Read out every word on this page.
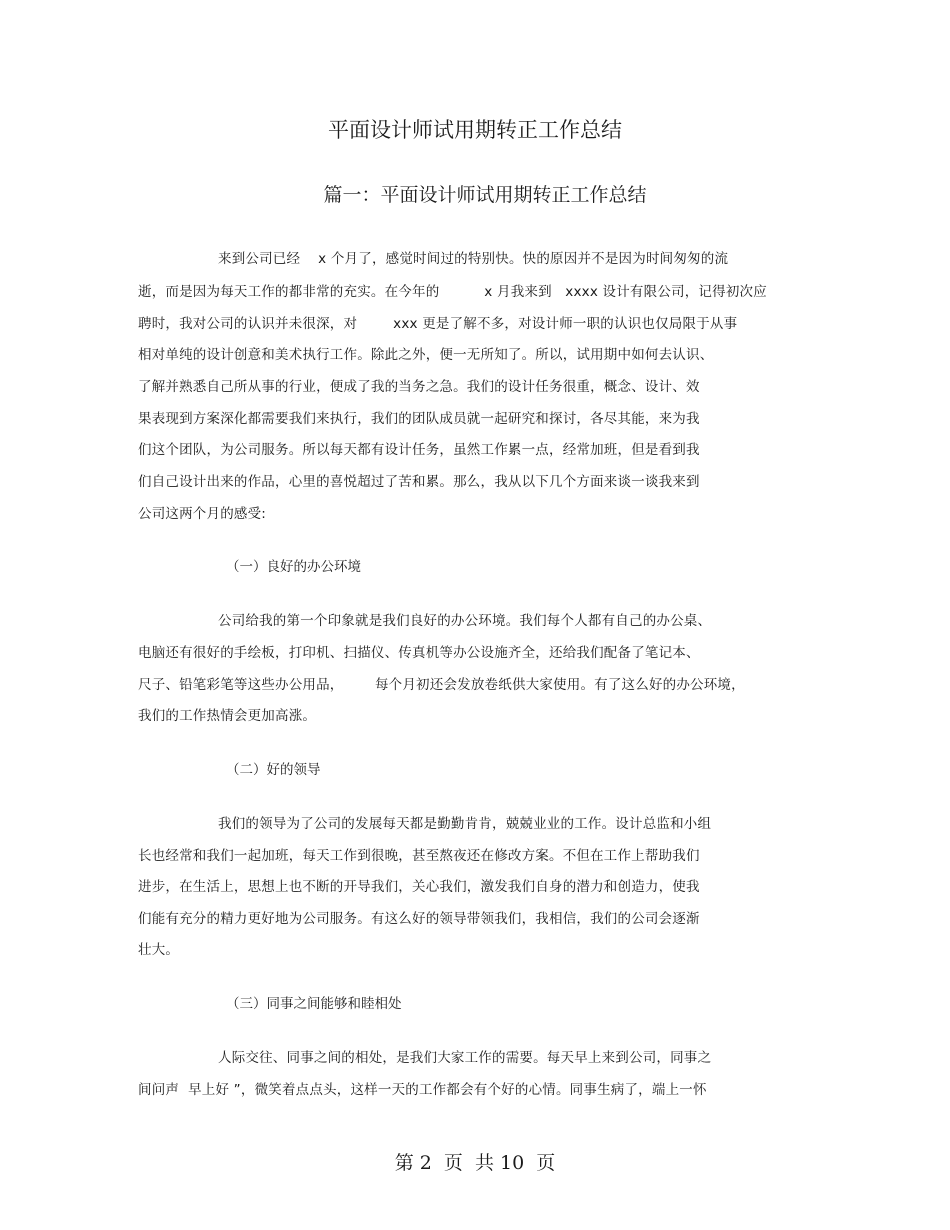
平面设计师试用期转正工作总结
篇一：平面设计师试用期转正工作总结
来到公司已经    x 个月了，感觉时间过的特别快。快的原因并不是因为时间匆匆的流
逝，而是因为每天工作的都非常的充实。在今年的          x 月我来到   xxxx 设计有限公司，记得初次应
聘时，我对公司的认识并未很深，对        xxx 更是了解不多，对设计师一职的认识也仅局限于从事
相对单纯的设计创意和美术执行工作。除此之外，便一无所知了。所以，试用期中如何去认识、
了解并熟悉自己所从事的行业，便成了我的当务之急。我们的设计任务很重，概念、设计、效
果表现到方案深化都需要我们来执行，我们的团队成员就一起研究和探讨，各尽其能，来为我
们这个团队，为公司服务。所以每天都有设计任务，虽然工作累一点，经常加班，但是看到我
们自己设计出来的作品，心里的喜悦超过了苦和累。那么，我从以下几个方面来谈一谈我来到
公司这两个月的感受:
（一）良好的办公环境
公司给我的第一个印象就是我们良好的办公环境。我们每个人都有自己的办公桌、
电脑还有很好的手绘板，打印机、扫描仪、传真机等办公设施齐全，还给我们配备了笔记本、
尺子、铅笔彩笔等这些办公用品，       每个月初还会发放卷纸供大家使用。有了这么好的办公环境，
我们的工作热情会更加高涨。
（二）好的领导
我们的领导为了公司的发展每天都是勤勤肯肯，兢兢业业的工作。设计总监和小组
长也经常和我们一起加班，每天工作到很晚，甚至熬夜还在修改方案。不但在工作上帮助我们
进步，在生活上，思想上也不断的开导我们，关心我们，激发我们自身的潜力和创造力，使我
们能有充分的精力更好地为公司服务。有这么好的领导带领我们，我相信，我们的公司会逐渐
壮大。
（三）同事之间能够和睦相处
人际交往、同事之间的相处，是我们大家工作的需要。每天早上来到公司，同事之
间问声  早上好 ”，微笑着点点头，这样一天的工作都会有个好的心情。同事生病了，端上一怀
第 2  页  共 10  页
